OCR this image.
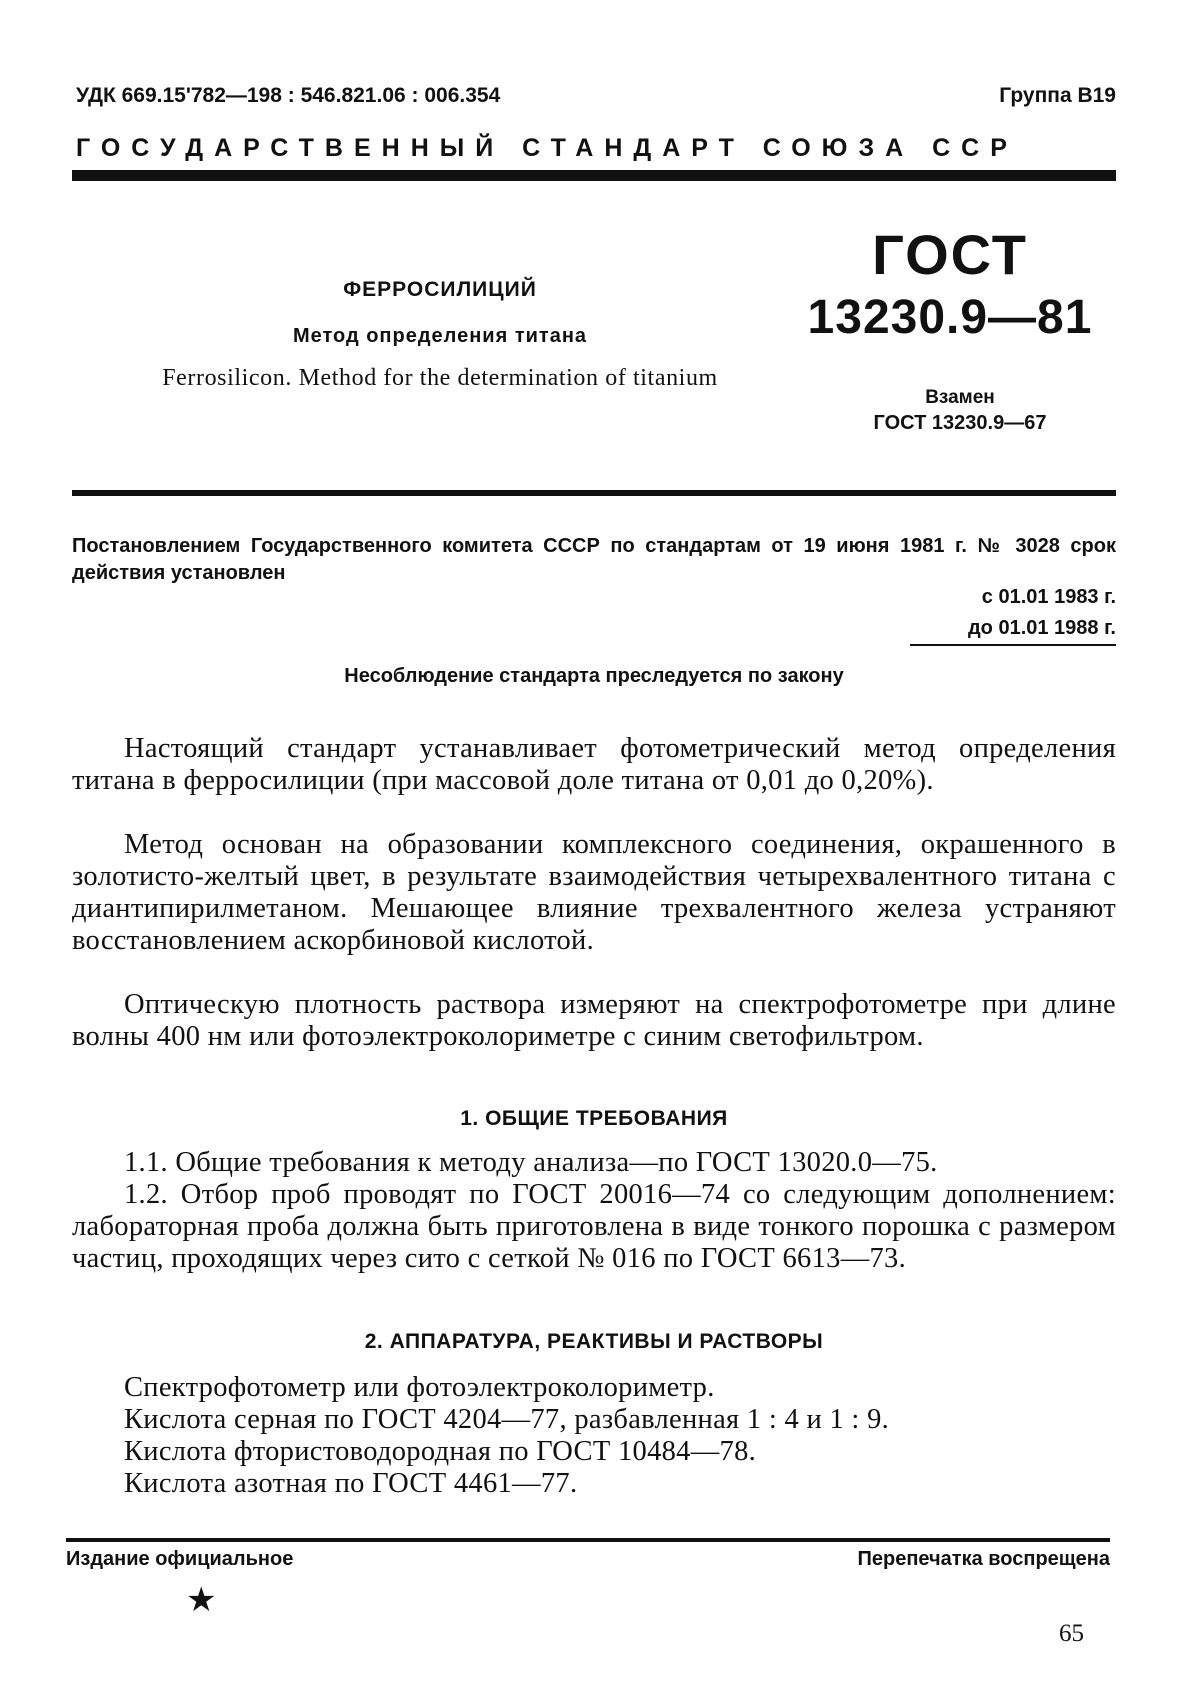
УДК 669.15'782—198 : 546.821.06 : 006.354	Группа В19
ГОСУДАРСТВЕННЫЙ СТАНДАРТ СОЮЗА ССР
ФЕРРОСИЛИЦИЙ
Метод определения титана
Ferrosilicon. Method for the determination of titanium
ГОСТ
13230.9—81
Взамен
ГОСТ 13230.9—67
Постановлением Государственного комитета СССР по стандартам от 19 июня 1981 г. № 3028 срок действия установлен
с 01.01 1983 г.
до 01.01 1988 г.
Несоблюдение стандарта преследуется по закону

Настоящий стандарт устанавливает фотометрический метод определения титана в ферросилиции (при массовой доле титана от 0,01 до 0,20%).

Метод основан на образовании комплексного соединения, окрашенного в золотисто-желтый цвет, в результате взаимодействия четырехвалентного титана с диантипирилметаном. Мешающее влияние трехвалентного железа устраняют восстановлением аскорбиновой кислотой.

Оптическую плотность раствора измеряют на спектрофотометре при длине волны 400 нм или фотоэлектроколориметре с синим светофильтром.

1. ОБЩИЕ ТРЕБОВАНИЯ

1.1. Общие требования к методу анализа—по ГОСТ 13020.0—75.

1.2. Отбор проб проводят по ГОСТ 20016—74 со следующим дополнением: лабораторная проба должна быть приготовлена в виде тонкого порошка с размером частиц, проходящих через сито с сеткой № 016 по ГОСТ 6613—73.

2. АППАРАТУРА, РЕАКТИВЫ И РАСТВОРЫ
Спектрофотометр или фотоэлектроколориметр.
Кислота серная по ГОСТ 4204—77, разбавленная 1 : 4 и 1 : 9.
Кислота фтористоводородная по ГОСТ 10484—78.
Кислота азотная по ГОСТ 4461—77.
Издание официальное	Перепечатка воспрещена
★
65
